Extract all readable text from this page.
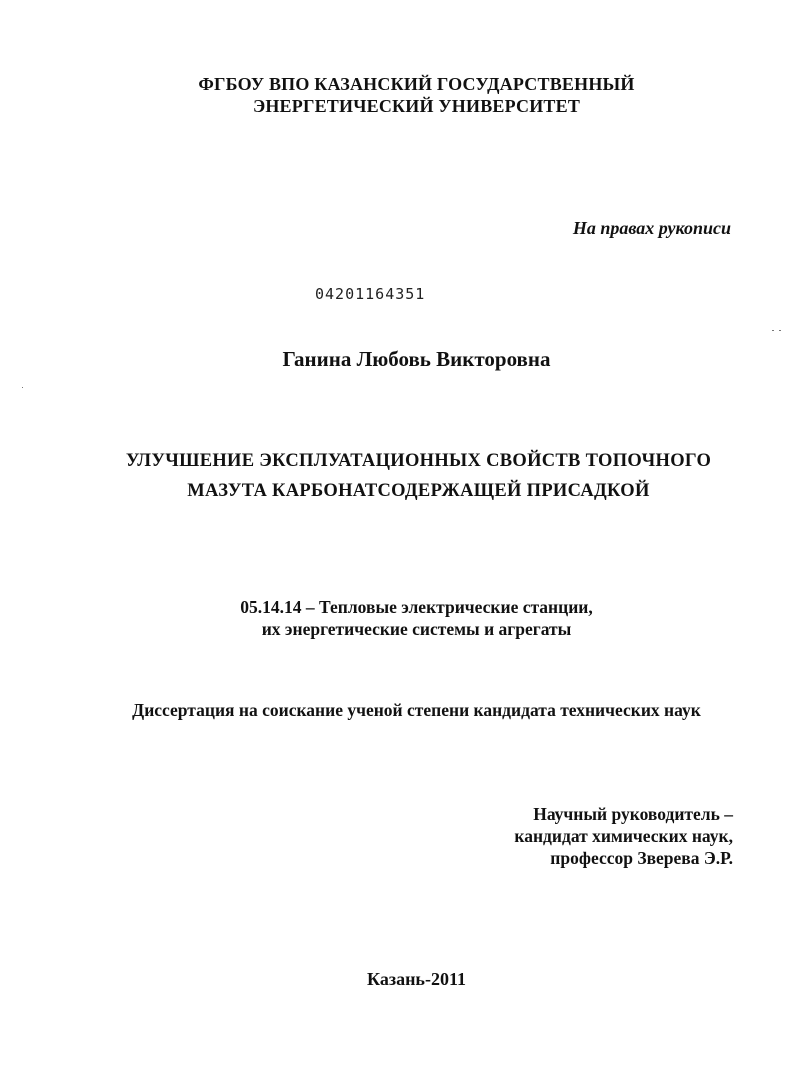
ФГБОУ ВПО КАЗАНСКИЙ ГОСУДАРСТВЕННЫЙ
ЭНЕРГЕТИЧЕСКИЙ УНИВЕРСИТЕТ
На правах рукописи
04201164351
Ганина Любовь Викторовна
УЛУЧШЕНИЕ ЭКСПЛУАТАЦИОННЫХ СВОЙСТВ ТОПОЧНОГО
МАЗУТА КАРБОНАТСОДЕРЖАЩЕЙ ПРИСАДКОЙ
05.14.14 – Тепловые электрические станции,
их энергетические системы и агрегаты
Диссертация на соискание ученой степени кандидата технических наук
Научный руководитель –
кандидат химических наук,
профессор Зверева Э.Р.
Казань-2011
